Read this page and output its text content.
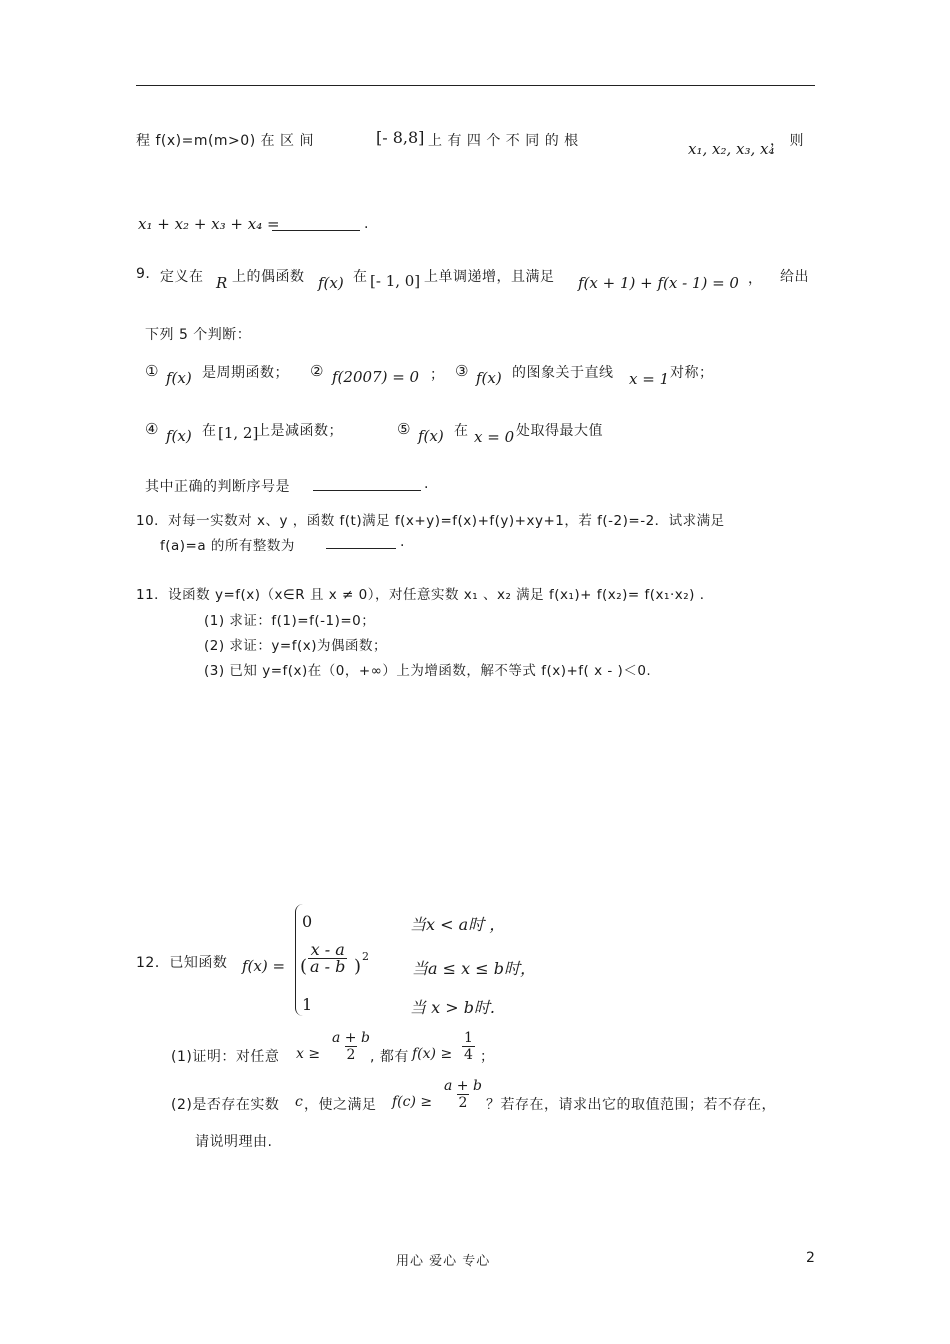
程 f(x)=m(m>0) 在 区 间	[- 8,8] 上 有 四 个 不 同 的 根	x₁, x₂, x₃, x₄
， 则
x₁ + x₂ + x₃ + x₄ =	.
9. 定义在 R 上的偶函数 f(x) 在 [- 1, 0] 上单调递增，且满足 f(x + 1) + f(x - 1) = 0 ， 给出
下列 5 个判断：
① f(x) 是周期函数； ② f(2007) = 0 ； ③ f(x) 的图象关于直线 x = 1 对称；
④ f(x) 在 [1, 2]
上是减函数；	⑤ f(x) 在 x = 0 处取得最大值
其中正确的判断序号是	.
10．对每一实数对 x、y ，函数 f(t)满足 f(x+y)=f(x)+f(y)+xy+1，若 f(-2)=-2．试求满足
f(a)=a 的所有整数为	.
11．设函数 y=f(x)（x∈R 且 x ≠ 0），对任意实数 x₁ 、x₂ 满足 f(x₁)+ f(x₂)= f(x₁·x₂) ．
(1) 求证：f(1)=f(-1)=0；
(2) 求证：y=f(x)为偶函数；
(3) 已知 y=f(x)在（0，+∞）上为增函数，解不等式 f(x)+f( x - )＜0.
12．已知函数 f(x) =
0	当x < a时 ，
( $\frac{x - a}{a - b}$ ) 2
当a ≤ x ≤ b时，
1	当 x > b时.
(1)证明：对任意 $x \ge \frac{a + b}{2}$
, 都有 $f(x) \ge \frac{1}{4}$ ；
(2)是否存在实数 c ，使之满足 $f(c) \ge \frac{a + b}{2}$ ？若存在，请求出它的取值范围；若不存在，
请说明理由.
用心 爱心 专心	2
